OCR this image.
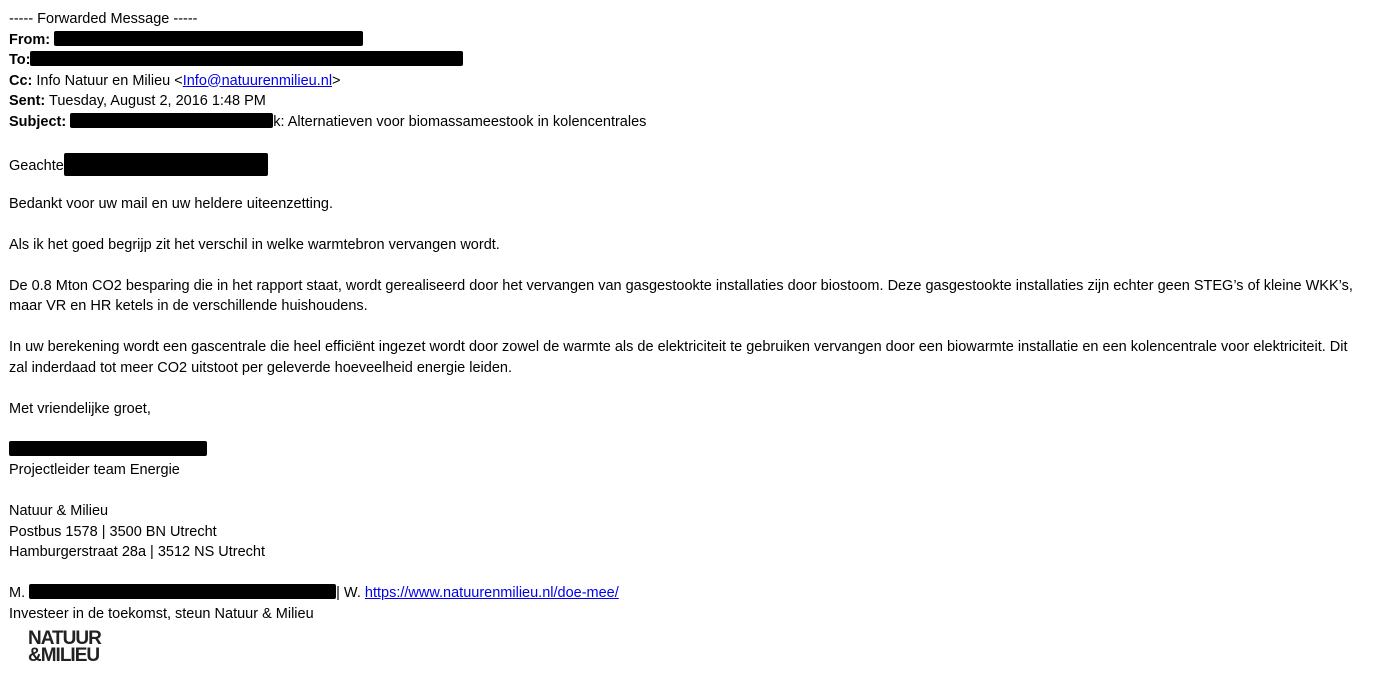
----- Forwarded Message -----
From:
To:
Cc: Info Natuur en Milieu <Info@natuurenmilieu.nl>
Sent: Tuesday, August 2, 2016 1:48 PM
Subject:	k: Alternatieven voor biomassameestook in kolencentrales
Geachte
Bedankt voor uw mail en uw heldere uiteenzetting.
Als ik het goed begrijp zit het verschil in welke warmtebron vervangen wordt.
De 0.8 Mton CO2 besparing die in het rapport staat, wordt gerealiseerd door het vervangen van gasgestookte installaties door biostoom. Deze gasgestookte installaties zijn echter geen STEG’s of kleine WKK’s, maar VR en HR ketels in de verschillende huishoudens.
In uw berekening wordt een gascentrale die heel efficiënt ingezet wordt door zowel de warmte als de elektriciteit te gebruiken vervangen door een biowarmte installatie en een kolencentrale voor elektriciteit. Dit zal inderdaad tot meer CO2 uitstoot per geleverde hoeveelheid energie leiden.
Met vriendelijke groet,
Projectleider team Energie
Natuur & Milieu
Postbus 1578 | 3500 BN Utrecht
Hamburgerstraat 28a | 3512 NS Utrecht
M.	| W. https://www.natuurenmilieu.nl/doe-mee/
Investeer in de toekomst, steun Natuur & Milieu
NATUUR
&MILIEU
